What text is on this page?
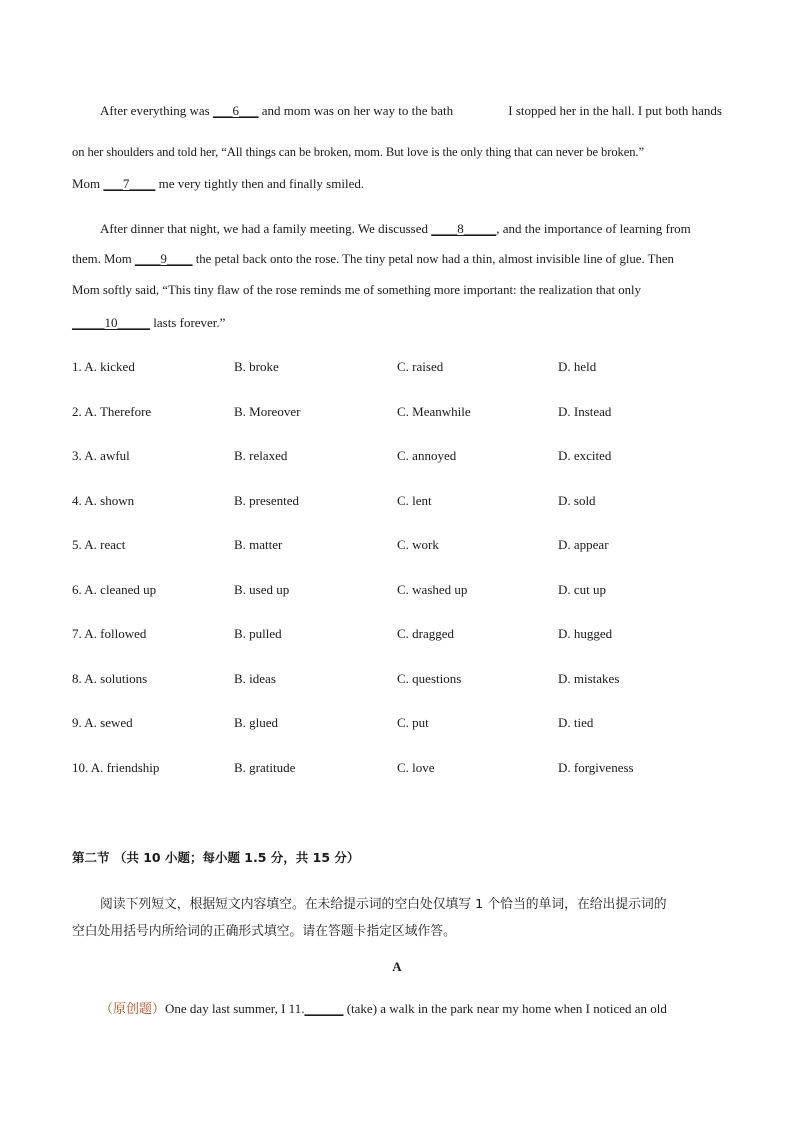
After everything was ___6___ and mom was on her way to the bath	I stopped her in the hall. I put both hands
on her shoulders and told her, “All things can be broken, mom. But love is the only thing that can never be broken.”
Mom ___7____ me very tightly then and finally smiled.
After dinner that night, we had a family meeting. We discussed ____8_____, and the importance of learning from
them. Mom ____9____ the petal back onto the rose. The tiny petal now had a thin, almost invisible line of glue. Then
Mom softly said, “This tiny flaw of the rose reminds me of something more important: the realization that only
_____10_____ lasts forever.”
1. A. kicked	B. broke	C. raised	D. held
2. A. Therefore	B. Moreover	C. Meanwhile	D. Instead
3. A. awful	B. relaxed	C. annoyed	D. excited
4. A. shown	B. presented	C. lent	D. sold
5. A. react	B. matter	C. work	D. appear
6. A. cleaned up	B. used up	C. washed up	D. cut up
7. A. followed	B. pulled	C. dragged	D. hugged
8. A. solutions	B. ideas	C. questions	D. mistakes
9. A. sewed	B. glued	C. put	D. tied
10. A. friendship	B. gratitude	C. love	D. forgiveness
第二节 （共 10 小题；每小题 1.5 分，共 15 分）
阅读下列短文，根据短文内容填空。在未给提示词的空白处仅填写 1 个恰当的单词，在给出提示词的
空白处用括号内所给词的正确形式填空。请在答题卡指定区域作答。
A
（原创题）One day last summer, I 11.______ (take) a walk in the park near my home when I noticed an old
